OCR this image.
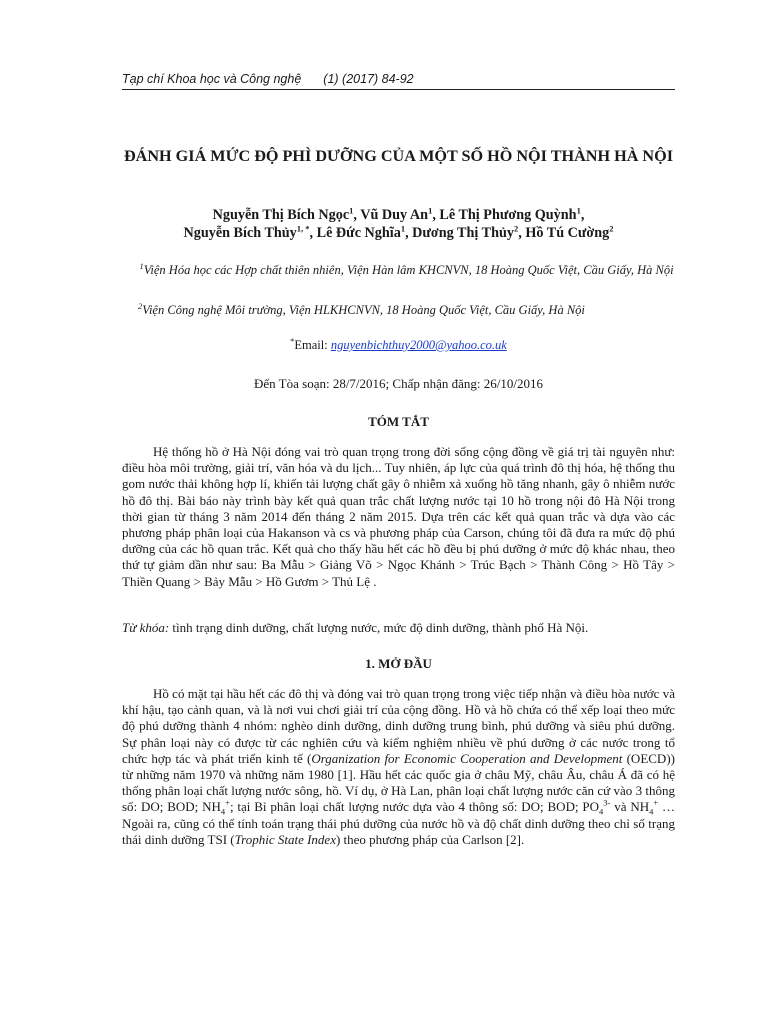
Tạp chí Khoa học và Công nghệ (1) (2017) 84-92
ĐÁNH GIÁ MỨC ĐỘ PHÌ DƯỠNG CỦA MỘT SỐ HỒ NỘI THÀNH HÀ NỘI
Nguyễn Thị Bích Ngọc$^1$, Vũ Duy An$^1$, Lê Thị Phương Quỳnh$^1$,
Nguyễn Bích Thủy$^{1, *}$, Lê Đức Nghĩa$^1$, Dương Thị Thủy$^2$, Hồ Tú Cường$^2$
$^1$Viện Hóa học các Hợp chất thiên nhiên, Viện Hàn lâm KHCNVN, 18 Hoàng Quốc Việt, Cầu Giấy, Hà Nội
$^2$Viện Công nghệ Môi trường, Viện HLKHCNVN, 18 Hoàng Quốc Việt, Cầu Giấy, Hà Nội
*Email: nguyenbichthuy2000@yahoo.co.uk
Đến Tòa soạn: 28/7/2016; Chấp nhận đăng: 26/10/2016
TÓM TẮT

Hệ thống hồ ở Hà Nội đóng vai trò quan trọng trong đời sống cộng đồng về giá trị tài nguyên như: điều hòa môi trường, giải trí, văn hóa và du lịch... Tuy nhiên, áp lực của quá trình đô thị hóa, hệ thống thu gom nước thải không hợp lí, khiến tải lượng chất gây ô nhiễm xả xuống hồ tăng nhanh, gây ô nhiễm nước hồ đô thị. Bài báo này trình bày kết quả quan trắc chất lượng nước tại 10 hồ trong nội đô Hà Nội trong thời gian từ tháng 3 năm 2014 đến tháng 2 năm 2015. Dựa trên các kết quả quan trắc và dựa vào các phương pháp phân loại của Hakanson và cs và phương pháp của Carson, chúng tôi đã đưa ra mức độ phú dưỡng của các hồ quan trắc. Kết quả cho thấy hầu hết các hồ đều bị phú dưỡng ở mức độ khác nhau, theo thứ tự giảm dần như sau: Ba Mẫu > Giảng Võ > Ngọc Khánh > Trúc Bạch > Thành Công > Hồ Tây > Thiền Quang > Bảy Mẫu > Hồ Gươm > Thủ Lệ .

Từ khóa: tình trạng dinh dưỡng, chất lượng nước, mức độ dinh dưỡng, thành phố Hà Nội.
1. MỞ ĐẦU

Hồ có mặt tại hầu hết các đô thị và đóng vai trò quan trọng trong việc tiếp nhận và điều hòa nước và khí hậu, tạo cảnh quan, và là nơi vui chơi giải trí của cộng đồng. Hồ và hồ chứa có thể xếp loại theo mức độ phú dưỡng thành 4 nhóm: nghèo dinh dưỡng, dinh dưỡng trung bình, phú dưỡng và siêu phú dưỡng. Sự phân loại này có được từ các nghiên cứu và kiểm nghiệm nhiều về phú dưỡng ở các nước trong tổ chức hợp tác và phát triển kinh tế (Organization for Economic Cooperation and Development (OECD)) từ những năm 1970 và những năm 1980 [1]. Hầu hết các quốc gia ở châu Mỹ, châu Âu, châu Á đã có hệ thống phân loại chất lượng nước sông, hồ. Ví dụ, ở Hà Lan, phân loại chất lượng nước căn cứ vào 3 thông số: DO; BOD; $NH_4^+$; tại Bỉ phân loại chất lượng nước dựa vào 4 thông số: DO; BOD; $PO_4^{3-}$ và $NH_4^+$ … Ngoài ra, cũng có thể tính toán trạng thái phú dưỡng của nước hồ và độ chất dinh dưỡng theo chỉ số trạng thái dinh dưỡng TSI (Trophic State Index) theo phương pháp của Carlson [2].
